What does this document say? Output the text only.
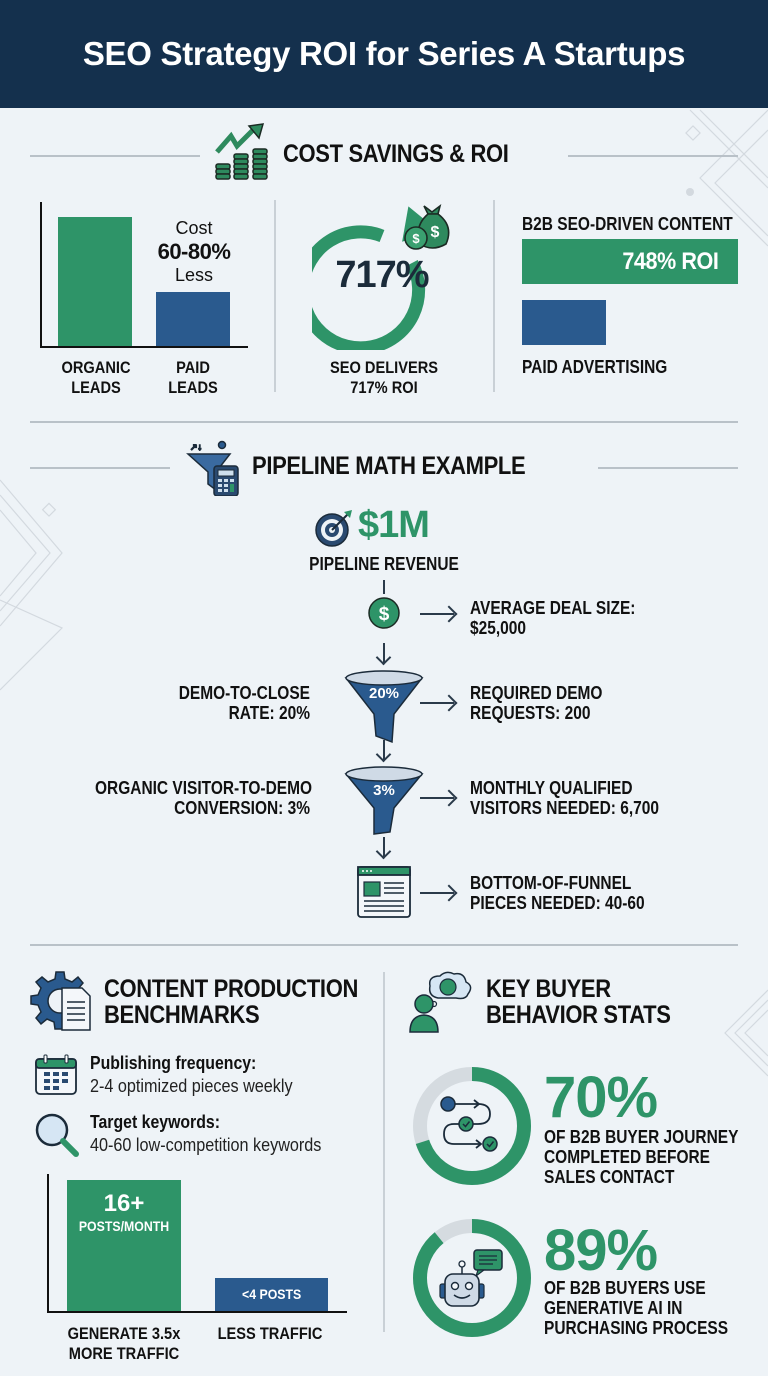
SEO Strategy ROI for Series A Startups
COST SAVINGS & ROI
Cost
60-80%
Less
ORGANIC
LEADS
PAID
LEADS
$ $
717%
SEO DELIVERS
717% ROI
B2B SEO-DRIVEN CONTENT
748% ROI
PAID ADVERTISING
↗↓
PIPELINE MATH EXAMPLE
$1M
PIPELINE REVENUE
$	AVERAGE DEAL SIZE:
$25,000
DEMO-TO-CLOSE
RATE: 20%
20%	REQUIRED DEMO
REQUESTS: 200
ORGANIC VISITOR-TO-DEMO
CONVERSION: 3%
3%	MONTHLY QUALIFIED
VISITORS NEEDED: 6,700
BOTTOM-OF-FUNNEL
PIECES NEEDED: 40-60
CONTENT PRODUCTION
BENCHMARKS
Publishing frequency:
2-4 optimized pieces weekly
Target keywords:
40-60 low-competition keywords
16+
POSTS/MONTH
<4 POSTS
GENERATE 3.5x
MORE TRAFFIC
LESS TRAFFIC
KEY BUYER
BEHAVIOR STATS
70%
OF B2B BUYER JOURNEY
COMPLETED BEFORE
SALES CONTACT
89%
OF B2B BUYERS USE
GENERATIVE AI IN
PURCHASING PROCESS
